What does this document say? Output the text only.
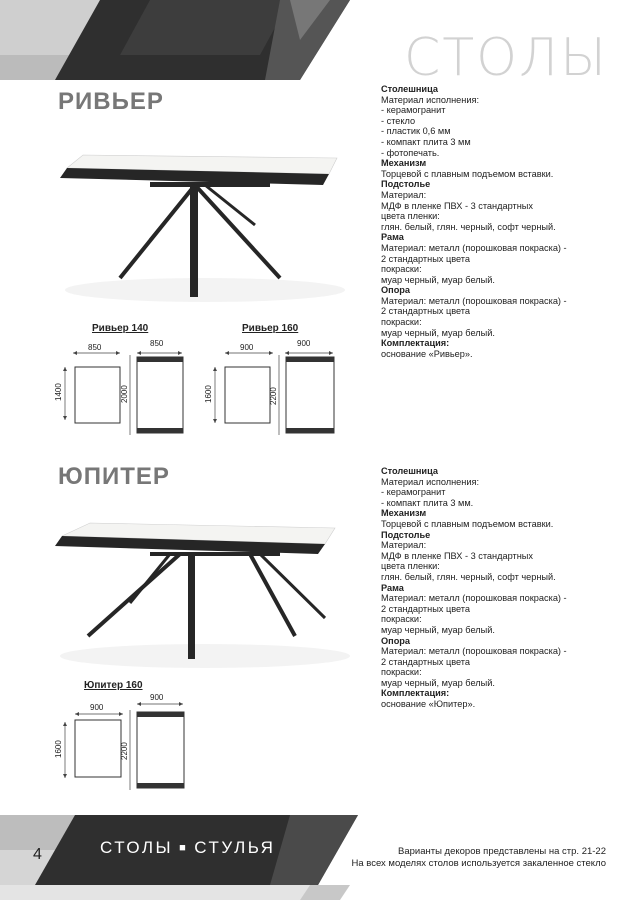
СТОЛЫ
РИВЬЕР
Ривьер 140
850
1400
850
2000
Ривьер 160
900
1600
900
2200
Столешница
Материал исполнения:
- керамогранит
- стекло
- пластик 0,6 мм
- компакт плита 3 мм
- фотопечать.
Механизм
Торцевой с плавным подъемом вставки.
Подстолье
Материал:
МДФ в пленке ПВХ - 3 стандартных
цвета пленки:
глян. белый, глян. черный, софт черный.
Рама
Материал: металл (порошковая покраска) -
2 стандартных цвета
покраски:
муар черный, муар белый.
Опора
Материал: металл (порошковая покраска) -
2 стандартных цвета
покраски:
муар черный, муар белый.
Комплектация:
основание «Ривьер».
ЮПИТЕР
Юпитер 160
900
1600
900
2200
Столешница
Материал исполнения:
- керамогранит
- компакт плита 3 мм.
Механизм
Торцевой с плавным подъемом вставки.
Подстолье
Материал:
МДФ в пленке ПВХ - 3 стандартных
цвета пленки:
глян. белый, глян. черный, софт черный.
Рама
Материал: металл (порошковая покраска) -
2 стандартных цвета
покраски:
муар черный, муар белый.
Опора
Материал: металл (порошковая покраска) -
2 стандартных цвета
покраски:
муар черный, муар белый.
Комплектация:
основание «Юпитер».
4	СТОЛЫ ■ СТУЛЬЯ	Варианты декоров представлены на стр. 21-22
На всех моделях столов используется закаленное стекло
